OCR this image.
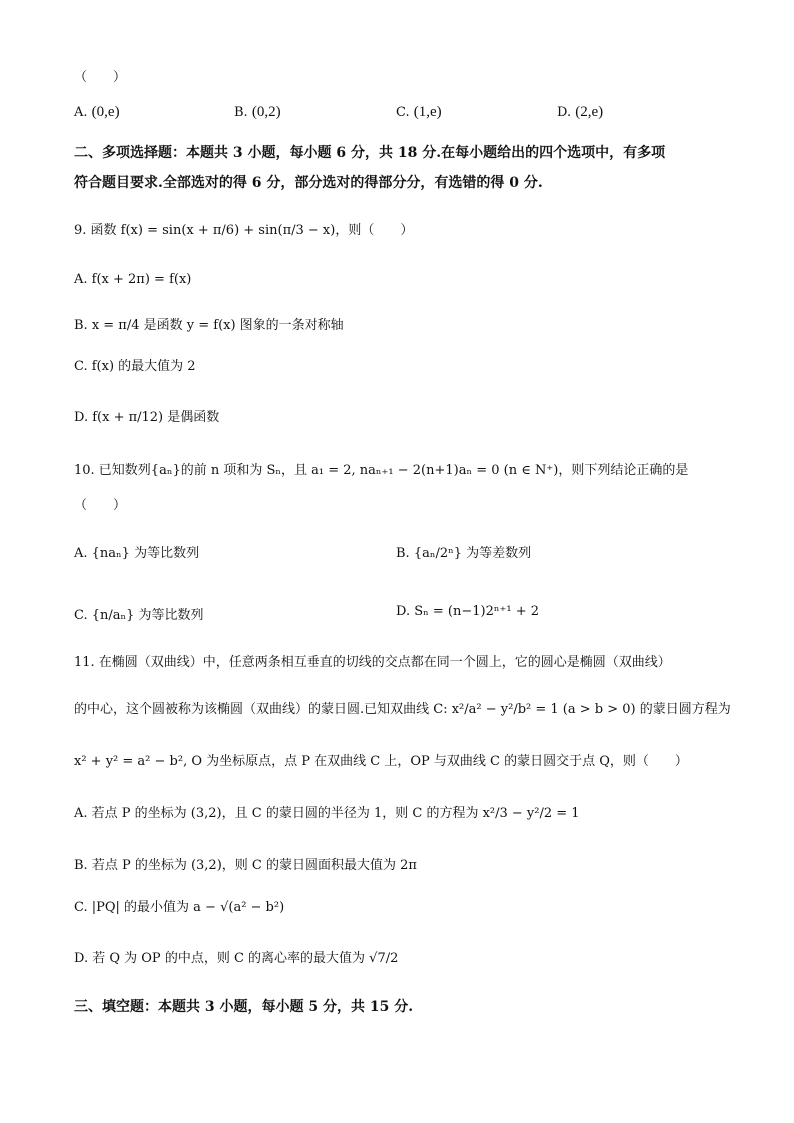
（　　）
A. (0,e)	B. (0,2)	C. (1,e)	D. (2,e)
二、多项选择题：本题共 3 小题，每小题 6 分，共 18 分.在每小题给出的四个选项中，有多项
符合题目要求.全部选对的得 6 分，部分选对的得部分分，有选错的得 0 分.
9. 函数 f(x) = sin(x + π/6) + sin(π/3 − x)，则（　　）
A. f(x + 2π) = f(x)
B. x = π/4 是函数 y = f(x) 图象的一条对称轴
C. f(x) 的最大值为 2
D. f(x + π/12) 是偶函数
10. 已知数列{aₙ}的前 n 项和为 Sₙ，且 a₁ = 2, naₙ₊₁ − 2(n+1)aₙ = 0 (n ∈ N⁺)，则下列结论正确的是
（　　）
A. {naₙ} 为等比数列	B. {aₙ/2ⁿ} 为等差数列
C. {n/aₙ} 为等比数列	D. Sₙ = (n−1)2ⁿ⁺¹ + 2
11. 在椭圆（双曲线）中，任意两条相互垂直的切线的交点都在同一个圆上，它的圆心是椭圆（双曲线）
的中心，这个圆被称为该椭圆（双曲线）的蒙日圆.已知双曲线 C: x²/a² − y²/b² = 1 (a > b > 0) 的蒙日圆方程为
x² + y² = a² − b², O 为坐标原点，点 P 在双曲线 C 上，OP 与双曲线 C 的蒙日圆交于点 Q，则（　　）
A. 若点 P 的坐标为 (3,2)，且 C 的蒙日圆的半径为 1，则 C 的方程为 x²/3 − y²/2 = 1
B. 若点 P 的坐标为 (3,2)，则 C 的蒙日圆面积最大值为 2π
C. |PQ| 的最小值为 a − √(a² − b²)
D. 若 Q 为 OP 的中点，则 C 的离心率的最大值为 √7/2
三、填空题：本题共 3 小题，每小题 5 分，共 15 分.
